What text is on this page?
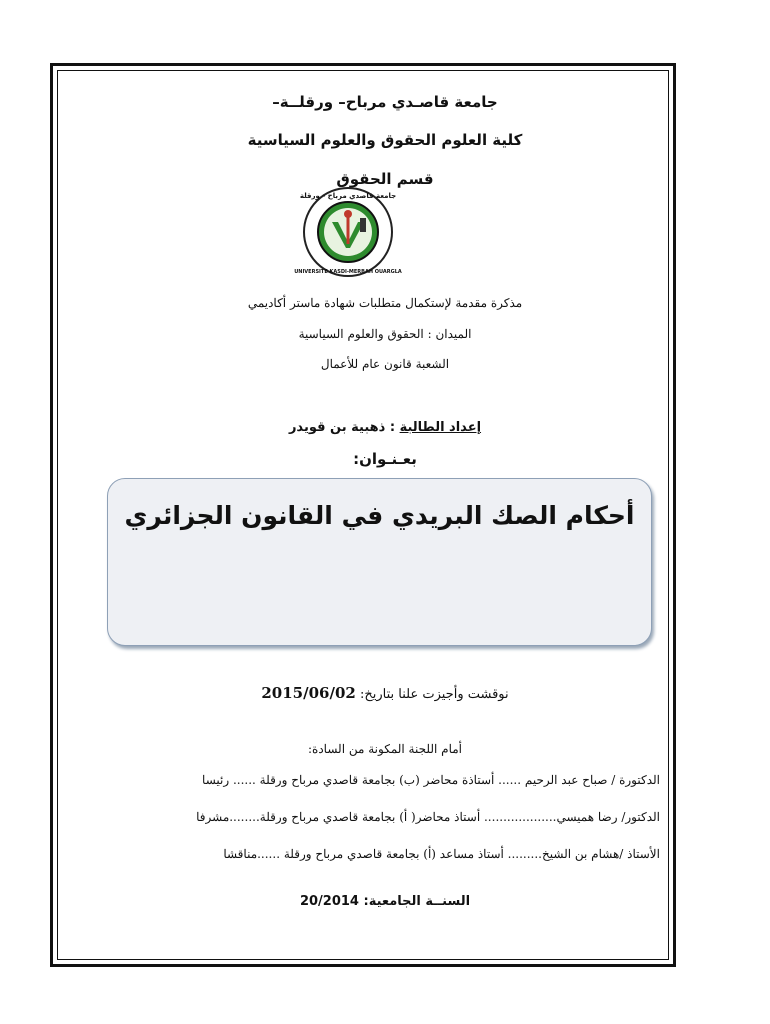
جامعة قاصـدي مرباح– ورقلــة–
كلية العلوم الحقوق والعلوم السياسية
قسم الحقوق
جامعة قاصدي مرباح - ورقلة
UNIVERSITE KASDI-MERBAH OUARGLA
مذكرة مقدمة لإستكمال متطلبات شهادة ماستر أكاديمي
الميدان : الحقوق والعلوم السياسية
الشعبة قانون عام للأعمال
إعداد الطالبة : ذهبية بن قويدر
بعـنـوان:
أحكام الصك البريدي في القانون الجزائري
نوقشت وأجيزت علنا بتاريخ: 2015/06/02
أمام اللجنة المكونة من السادة:
الدكتورة / صباح عبد الرحيم ...... أستاذة محاضر (ب) بجامعة قاصدي مرباح ورقلة ...... رئيسا
الدكتور/ رضا هميسي................... أستاذ محاضر( أ) بجامعة قاصدي مرباح ورقلة........مشرفا
الأستاذ /هشام بن الشيخ......... أستاذ مساعد (أ) بجامعة قاصدي مرباح ورقلة ......مناقشا
السنــة الجامعية: 20/2014
